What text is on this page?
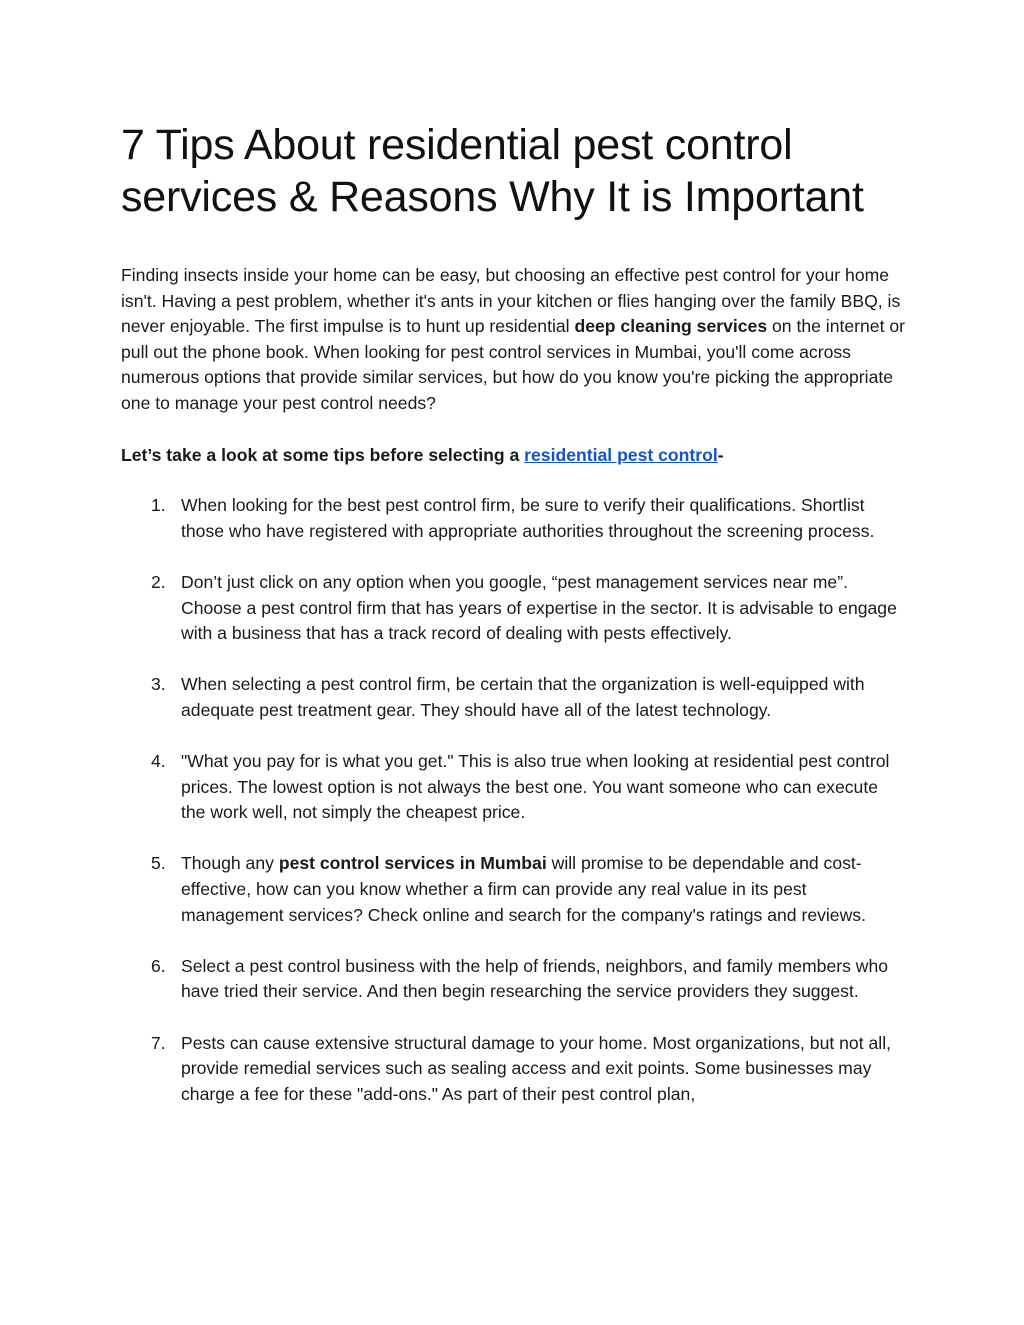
7 Tips About residential pest control services & Reasons Why It is Important

Finding insects inside your home can be easy, but choosing an effective pest control for your home isn't. Having a pest problem, whether it's ants in your kitchen or flies hanging over the family BBQ, is never enjoyable. The first impulse is to hunt up residential deep cleaning services on the internet or pull out the phone book. When looking for pest control services in Mumbai, you'll come across numerous options that provide similar services, but how do you know you're picking the appropriate one to manage your pest control needs?

Let’s take a look at some tips before selecting a residential pest control-

1. When looking for the best pest control firm, be sure to verify their qualifications. Shortlist those who have registered with appropriate authorities throughout the screening process.
2. Don’t just click on any option when you google, “pest management services near me”. Choose a pest control firm that has years of expertise in the sector. It is advisable to engage with a business that has a track record of dealing with pests effectively.
3. When selecting a pest control firm, be certain that the organization is well-equipped with adequate pest treatment gear. They should have all of the latest technology.
4. "What you pay for is what you get." This is also true when looking at residential pest control prices. The lowest option is not always the best one. You want someone who can execute the work well, not simply the cheapest price.
5. Though any pest control services in Mumbai will promise to be dependable and cost-effective, how can you know whether a firm can provide any real value in its pest management services? Check online and search for the company's ratings and reviews.
6. Select a pest control business with the help of friends, neighbors, and family members who have tried their service. And then begin researching the service providers they suggest.
7. Pests can cause extensive structural damage to your home. Most organizations, but not all, provide remedial services such as sealing access and exit points. Some businesses may charge a fee for these "add-ons." As part of their pest control plan,
